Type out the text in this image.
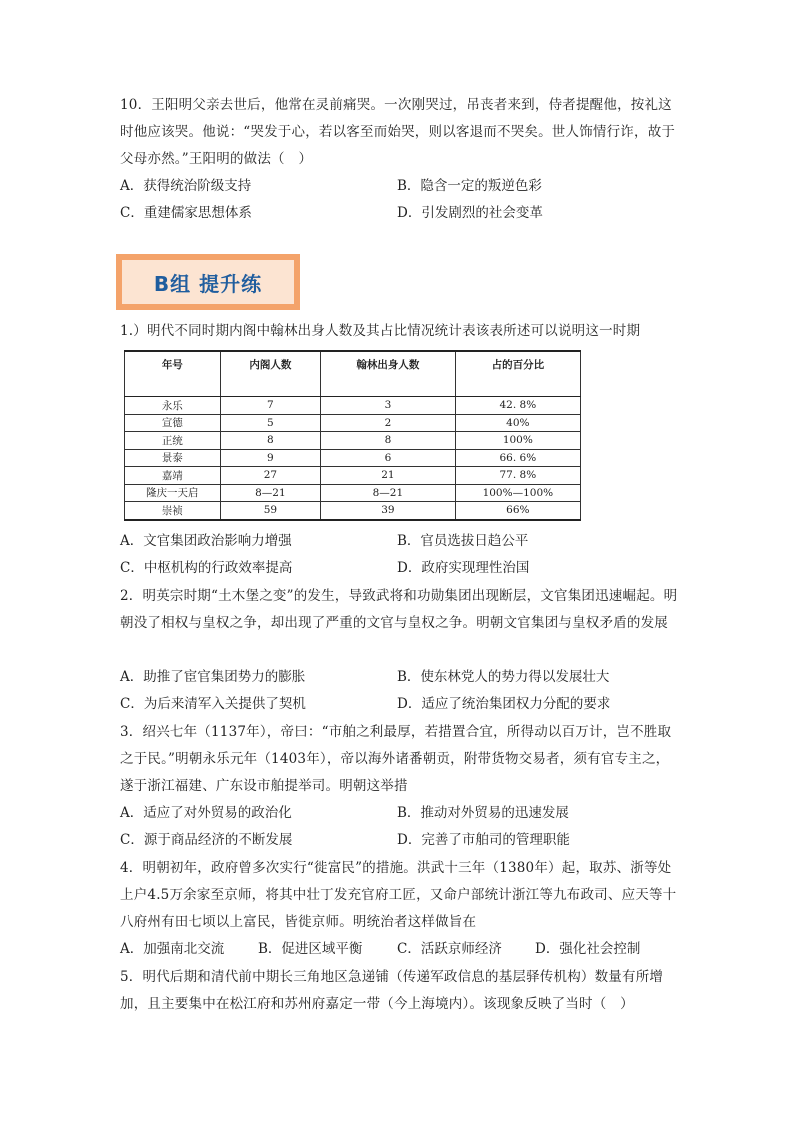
10．王阳明父亲去世后，他常在灵前痛哭。一次刚哭过，吊丧者来到，侍者提醒他，按礼这时他应该哭。他说：“哭发于心，若以客至而始哭，则以客退而不哭矣。世人饰情行诈，故于父母亦然。”王阳明的做法（　）
A．获得统治阶级支持	B．隐含一定的叛逆色彩
C．重建儒家思想体系	D．引发剧烈的社会变革
B组 提升练
1.）明代不同时期内阁中翰林出身人数及其占比情况统计表该表所述可以说明这一时期
年号	内阁人数	翰林出身人数	占的百分比
永乐	7	3	42. 8%
宣德	5	2	40%
正统	8	8	100%
景泰	9	6	66. 6%
嘉靖	27	21	77. 8%
隆庆一天启	8—21	8—21	100%—100%
崇祯	59	39	66%
A．文官集团政治影响力增强	B．官员选拔日趋公平
C．中枢机构的行政效率提高	D．政府实现理性治国
2．明英宗时期“土木堡之变”的发生，导致武将和功勋集团出现断层，文官集团迅速崛起。明朝没了相权与皇权之争，却出现了严重的文官与皇权之争。明朝文官集团与皇权矛盾的发展
A．助推了宦官集团势力的膨胀	B．使东林党人的势力得以发展壮大
C．为后来清军入关提供了契机	D．适应了统治集团权力分配的要求
3．绍兴七年（1137年），帝曰：“市舶之利最厚，若措置合宜，所得动以百万计，岂不胜取之于民。”明朝永乐元年（1403年），帝以海外诸番朝贡，附带货物交易者，须有官专主之，遂于浙江福建、广东设市舶提举司。明朝这举措
A．适应了对外贸易的政治化	B．推动对外贸易的迅速发展
C．源于商品经济的不断发展	D．完善了市舶司的管理职能
4．明朝初年，政府曾多次实行“徙富民”的措施。洪武十三年（1380年）起，取苏、浙等处上户4.5万余家至京师，将其中壮丁发充官府工匠，又命户部统计浙江等九布政司、应天等十八府州有田七顷以上富民，皆徙京师。明统治者这样做旨在
A．加强南北交流	B．促进区域平衡	C．活跃京师经济 D．强化社会控制
5．明代后期和清代前中期长三角地区急递铺（传递军政信息的基层驿传机构）数量有所增加，且主要集中在松江府和苏州府嘉定一带（今上海境内）。该现象反映了当时（　）
